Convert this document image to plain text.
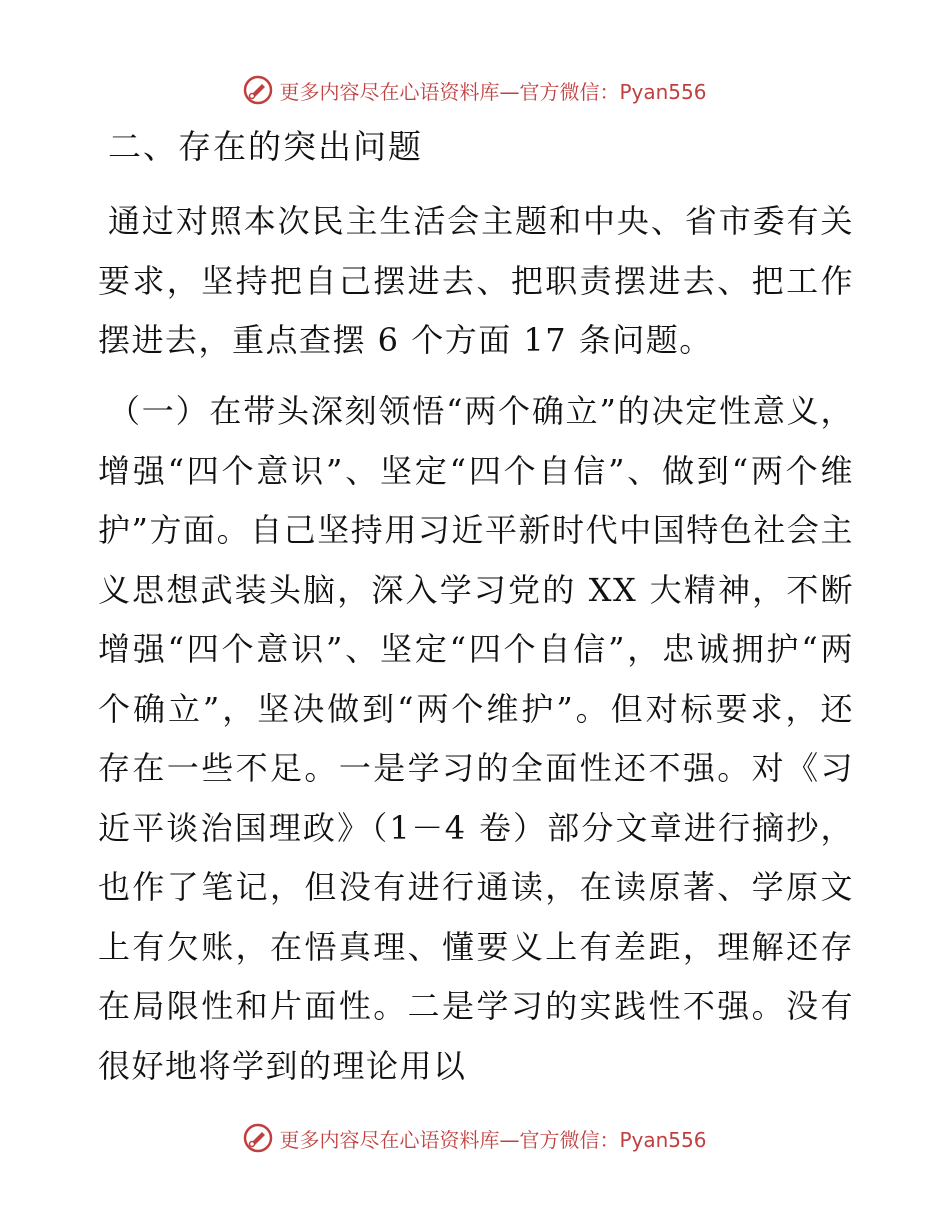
更多内容尽在心语资料库—官方微信：Pyan556
二、存在的突出问题
通过对照本次民主生活会主题和中央、省市委有关要求，坚持把自己摆进去、把职责摆进去、把工作摆进去，重点查摆 6 个方面 17 条问题。
（一）在带头深刻领悟“两个确立”的决定性意义，增强“四个意识”、坚定“四个自信”、做到“两个维护”方面。自己坚持用习近平新时代中国特色社会主义思想武装头脑，深入学习党的 XX 大精神，不断增强“四个意识”、坚定“四个自信”，忠诚拥护“两个确立”，坚决做到“两个维护”。但对标要求，还存在一些不足。一是学习的全面性还不强。对《习近平谈治国理政》（1－4 卷）部分文章进行摘抄，也作了笔记，但没有进行通读，在读原著、学原文上有欠账，在悟真理、懂要义上有差距，理解还存在局限性和片面性。二是学习的实践性不强。没有很好地将学到的理论用以
更多内容尽在心语资料库—官方微信：Pyan556
